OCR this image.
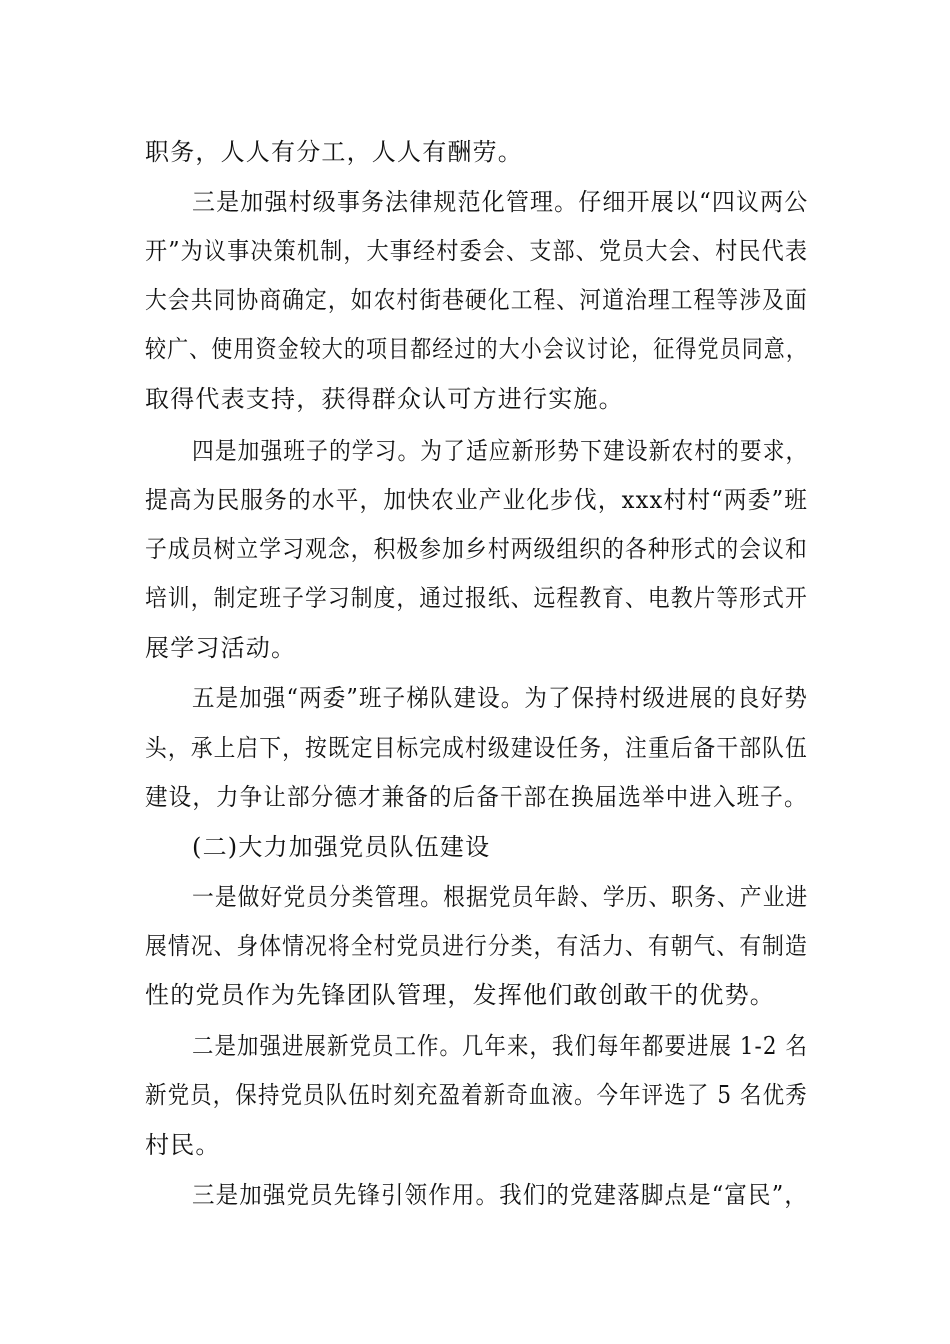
职务，人人有分工，人人有酬劳。
三是加强村级事务法律规范化管理。仔细开展以“四议两公
开”为议事决策机制，大事经村委会、支部、党员大会、村民代表
大会共同协商确定，如农村街巷硬化工程、河道治理工程等涉及面
较广、使用资金较大的项目都经过的大小会议讨论，征得党员同意，
取得代表支持，获得群众认可方进行实施。
四是加强班子的学习。为了适应新形势下建设新农村的要求，
提高为民服务的水平，加快农业产业化步伐，xxx村村“两委”班
子成员树立学习观念，积极参加乡村两级组织的各种形式的会议和
培训，制定班子学习制度，通过报纸、远程教育、电教片等形式开
展学习活动。
五是加强“两委”班子梯队建设。为了保持村级进展的良好势
头，承上启下，按既定目标完成村级建设任务，注重后备干部队伍
建设，力争让部分德才兼备的后备干部在换届选举中进入班子。
(二)大力加强党员队伍建设
一是做好党员分类管理。根据党员年龄、学历、职务、产业进
展情况、身体情况将全村党员进行分类，有活力、有朝气、有制造
性的党员作为先锋团队管理，发挥他们敢创敢干的优势。
二是加强进展新党员工作。几年来，我们每年都要进展 1-2 名
新党员，保持党员队伍时刻充盈着新奇血液。今年评选了 5 名优秀
村民。
三是加强党员先锋引领作用。我们的党建落脚点是“富民”，
